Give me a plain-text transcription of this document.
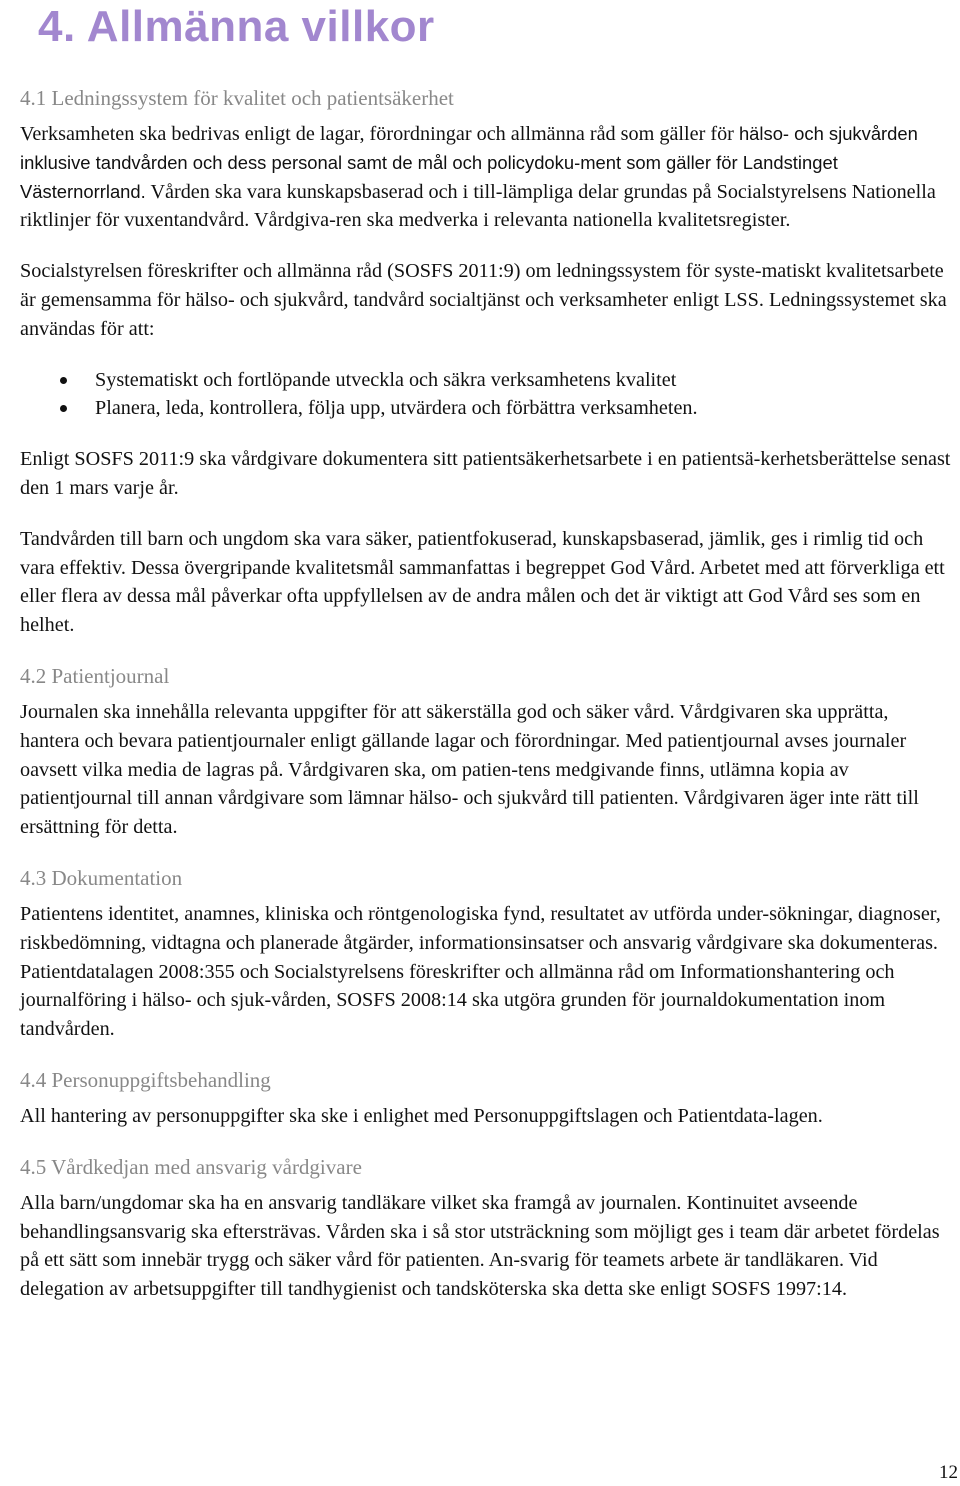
4. Allmänna villkor
4.1 Ledningssystem för kvalitet och patientsäkerhet

Verksamheten ska bedrivas enligt de lagar, förordningar och allmänna råd som gäller för hälso- och sjukvården inklusive tandvården och dess personal samt de mål och policydoku-ment som gäller för Landstinget Västernorrland. Vården ska vara kunskapsbaserad och i till-lämpliga delar grundas på Socialstyrelsens Nationella riktlinjer för vuxentandvård. Vårdgiva-ren ska medverka i relevanta nationella kvalitetsregister.

Socialstyrelsen föreskrifter och allmänna råd (SOSFS 2011:9) om ledningssystem för syste-matiskt kvalitetsarbete är gemensamma för hälso- och sjukvård, tandvård socialtjänst och verksamheter enligt LSS. Ledningssystemet ska användas för att:

Systematiskt och fortlöpande utveckla och säkra verksamhetens kvalitet
Planera, leda, kontrollera, följa upp, utvärdera och förbättra verksamheten.

Enligt SOSFS 2011:9 ska vårdgivare dokumentera sitt patientsäkerhetsarbete i en patientsä-kerhetsberättelse senast den 1 mars varje år.

Tandvården till barn och ungdom ska vara säker, patientfokuserad, kunskapsbaserad, jämlik, ges i rimlig tid och vara effektiv. Dessa övergripande kvalitetsmål sammanfattas i begreppet God Vård. Arbetet med att förverkliga ett eller flera av dessa mål påverkar ofta uppfyllelsen av de andra målen och det är viktigt att God Vård ses som en helhet.

4.2 Patientjournal

Journalen ska innehålla relevanta uppgifter för att säkerställa god och säker vård. Vårdgivaren ska upprätta, hantera och bevara patientjournaler enligt gällande lagar och förordningar. Med patientjournal avses journaler oavsett vilka media de lagras på. Vårdgivaren ska, om patien-tens medgivande finns, utlämna kopia av patientjournal till annan vårdgivare som lämnar hälso- och sjukvård till patienten. Vårdgivaren äger inte rätt till ersättning för detta.

4.3 Dokumentation

Patientens identitet, anamnes, kliniska och röntgenologiska fynd, resultatet av utförda under-sökningar, diagnoser, riskbedömning, vidtagna och planerade åtgärder, informationsinsatser och ansvarig vårdgivare ska dokumenteras. Patientdatalagen 2008:355 och Socialstyrelsens föreskrifter och allmänna råd om Informationshantering och journalföring i hälso- och sjuk-vården, SOSFS 2008:14 ska utgöra grunden för journaldokumentation inom tandvården.

4.4 Personuppgiftsbehandling

All hantering av personuppgifter ska ske i enlighet med Personuppgiftslagen och Patientdata-lagen.

4.5 Vårdkedjan med ansvarig vårdgivare

Alla barn/ungdomar ska ha en ansvarig tandläkare vilket ska framgå av journalen. Kontinuitet avseende behandlingsansvarig ska eftersträvas. Vården ska i så stor utsträckning som möjligt ges i team där arbetet fördelas på ett sätt som innebär trygg och säker vård för patienten. An-svarig för teamets arbete är tandläkaren. Vid delegation av arbetsuppgifter till tandhygienist och tandsköterska ska detta ske enligt SOSFS 1997:14.

12
